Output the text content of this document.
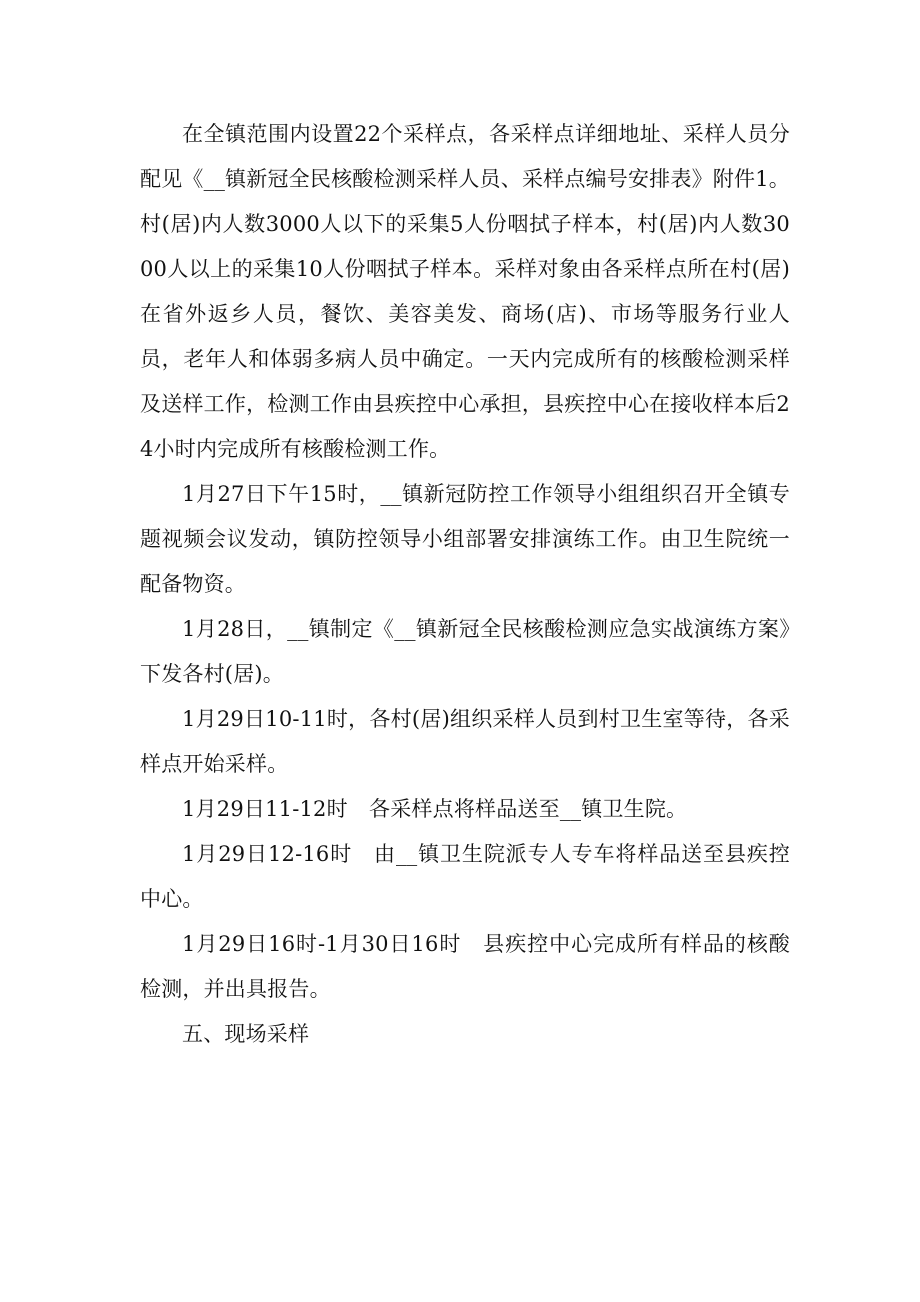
在全镇范围内设置22个采样点，各采样点详细地址、采样人员分配见《__镇新冠全民核酸检测采样人员、采样点编号安排表》附件1。村(居)内人数3000人以下的采集5人份咽拭子样本，村(居)内人数3000人以上的采集10人份咽拭子样本。采样对象由各采样点所在村(居)在省外返乡人员，餐饮、美容美发、商场(店)、市场等服务行业人员，老年人和体弱多病人员中确定。一天内完成所有的核酸检测采样及送样工作，检测工作由县疾控中心承担，县疾控中心在接收样本后24小时内完成所有核酸检测工作。

1月27日下午15时，__镇新冠防控工作领导小组组织召开全镇专题视频会议发动，镇防控领导小组部署安排演练工作。由卫生院统一配备物资。

1月28日，__镇制定《__镇新冠全民核酸检测应急实战演练方案》下发各村(居)。

1月29日10-11时，各村(居)组织采样人员到村卫生室等待，各采样点开始采样。

1月29日11-12时　各采样点将样品送至__镇卫生院。

1月29日12-16时　由__镇卫生院派专人专车将样品送至县疾控中心。

1月29日16时-1月30日16时　县疾控中心完成所有样品的核酸检测，并出具报告。

五、现场采样
